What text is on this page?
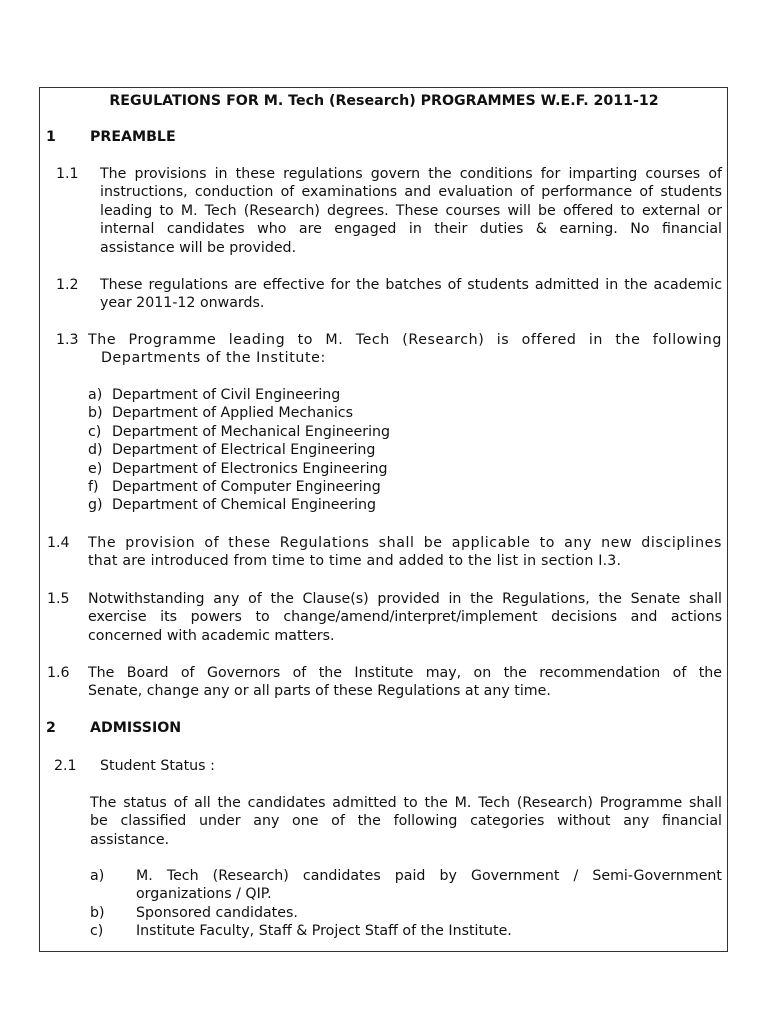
REGULATIONS FOR M. Tech (Research) PROGRAMMES W.E.F. 2011-12
1 PREAMBLE
1.1 The provisions in these regulations govern the conditions for imparting courses of
instructions, conduction of examinations and evaluation of performance of students
leading to M. Tech (Research) degrees. These courses will be offered to external or
internal candidates who are engaged in their duties & earning. No financial
assistance will be provided.
1.2 These regulations are effective for the batches of students admitted in the academic
year 2011-12 onwards.
1.3 The Programme leading to M. Tech (Research) is offered in the following
Departments of the Institute:
a) Department of Civil Engineering
b) Department of Applied Mechanics
c) Department of Mechanical Engineering
d) Department of Electrical Engineering
e) Department of Electronics Engineering
f) Department of Computer Engineering
g) Department of Chemical Engineering
1.4 The provision of these Regulations shall be applicable to any new disciplines
that are introduced from time to time and added to the list in section I.3.
1.5 Notwithstanding any of the Clause(s) provided in the Regulations, the Senate shall
exercise its powers to change/amend/interpret/implement decisions and actions
concerned with academic matters.
1.6 The Board of Governors of the Institute may, on the recommendation of the
Senate, change any or all parts of these Regulations at any time.
2 ADMISSION
2.1 Student Status :
The status of all the candidates admitted to the M. Tech (Research) Programme shall
be classified under any one of the following categories without any financial
assistance.
a) M. Tech (Research) candidates paid by Government / Semi-Government
organizations / QIP.
b) Sponsored candidates.
c) Institute Faculty, Staff & Project Staff of the Institute.
